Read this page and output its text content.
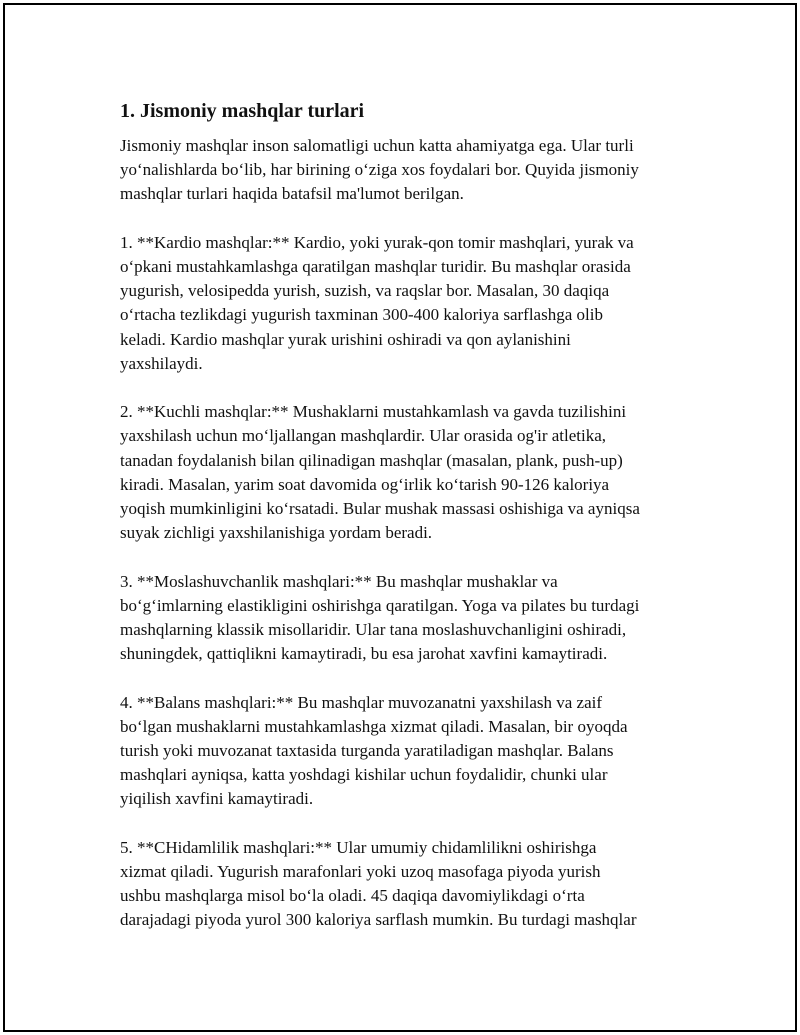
1. Jismoniy mashqlar turlari

Jismoniy mashqlar inson salomatligi uchun katta ahamiyatga ega. Ular turli
yo‘nalishlarda bo‘lib, har birining o‘ziga xos foydalari bor. Quyida jismoniy
mashqlar turlari haqida batafsil ma'lumot berilgan.

1. **Kardio mashqlar:** Kardio, yoki yurak-qon tomir mashqlari, yurak va
o‘pkani mustahkamlashga qaratilgan mashqlar turidir. Bu mashqlar orasida
yugurish, velosipedda yurish, suzish, va raqslar bor. Masalan, 30 daqiqa
o‘rtacha tezlikdagi yugurish taxminan 300-400 kaloriya sarflashga olib
keladi. Kardio mashqlar yurak urishini oshiradi va qon aylanishini
yaxshilaydi.

2. **Kuchli mashqlar:** Mushaklarni mustahkamlash va gavda tuzilishini
yaxshilash uchun mo‘ljallangan mashqlardir. Ular orasida og'ir atletika,
tanadan foydalanish bilan qilinadigan mashqlar (masalan, plank, push-up)
kiradi. Masalan, yarim soat davomida og‘irlik ko‘tarish 90-126 kaloriya
yoqish mumkinligini ko‘rsatadi. Bular mushak massasi oshishiga va ayniqsa
suyak zichligi yaxshilanishiga yordam beradi.

3. **Moslashuvchanlik mashqlari:** Bu mashqlar mushaklar va
bo‘g‘imlarning elastikligini oshirishga qaratilgan. Yoga va pilates bu turdagi
mashqlarning klassik misollaridir. Ular tana moslashuvchanligini oshiradi,
shuningdek, qattiqlikni kamaytiradi, bu esa jarohat xavfini kamaytiradi.

4. **Balans mashqlari:** Bu mashqlar muvozanatni yaxshilash va zaif
bo‘lgan mushaklarni mustahkamlashga xizmat qiladi. Masalan, bir oyoqda
turish yoki muvozanat taxtasida turganda yaratiladigan mashqlar. Balans
mashqlari ayniqsa, katta yoshdagi kishilar uchun foydalidir, chunki ular
yiqilish xavfini kamaytiradi.

5. **CHidamlilik mashqlari:** Ular umumiy chidamlilikni oshirishga
xizmat qiladi. Yugurish marafonlari yoki uzoq masofaga piyoda yurish
ushbu mashqlarga misol bo‘la oladi. 45 daqiqa davomiylikdagi o‘rta
darajadagi piyoda yurol 300 kaloriya sarflash mumkin. Bu turdagi mashqlar
